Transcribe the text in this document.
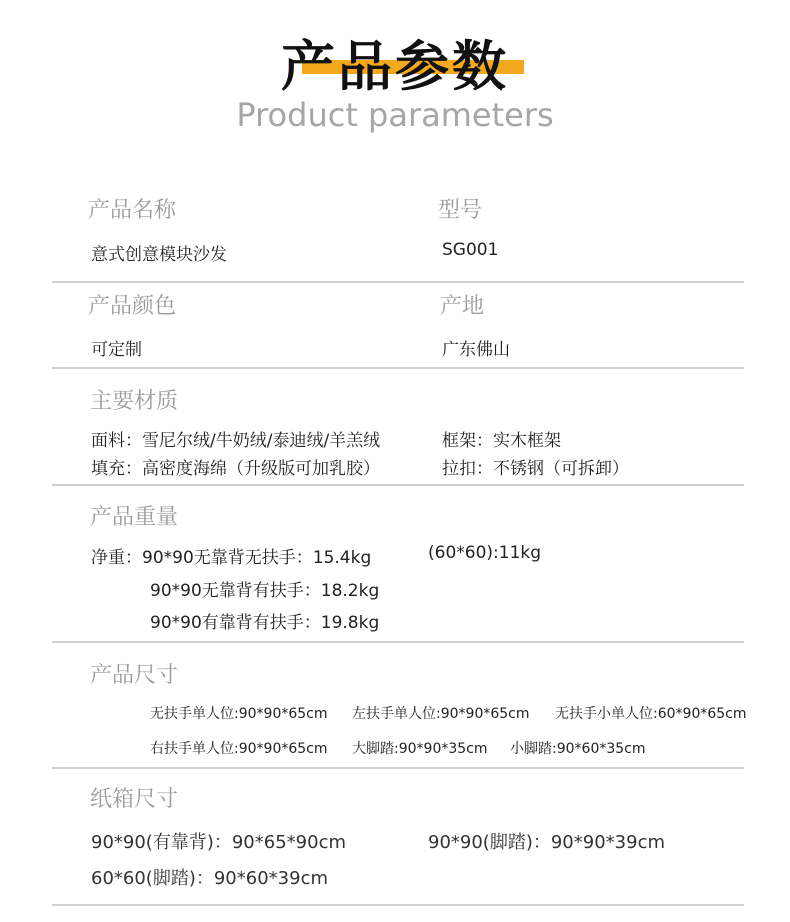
产品参数
Product parameters
产品名称	型号
意式创意模块沙发	SG001
产品颜色	产地
可定制	广东佛山
主要材质
面料：雪尼尔绒/牛奶绒/泰迪绒/羊羔绒	框架：实木框架
填充：高密度海绵（升级版可加乳胶）	拉扣：不锈钢（可拆卸）
产品重量
净重：90*90无靠背无扶手：15.4kg	(60*60):11kg
90*90无靠背有扶手：18.2kg
90*90有靠背有扶手：19.8kg
产品尺寸
无扶手单人位:90*90*65cm 左扶手单人位:90*90*65cm 无扶手小单人位:60*90*65cm
右扶手单人位:90*90*65cm 大脚踏:90*90*35cm 小脚踏:90*60*35cm
纸箱尺寸
90*90(有靠背)：90*65*90cm	90*90(脚踏)：90*90*39cm
60*60(脚踏)：90*60*39cm
